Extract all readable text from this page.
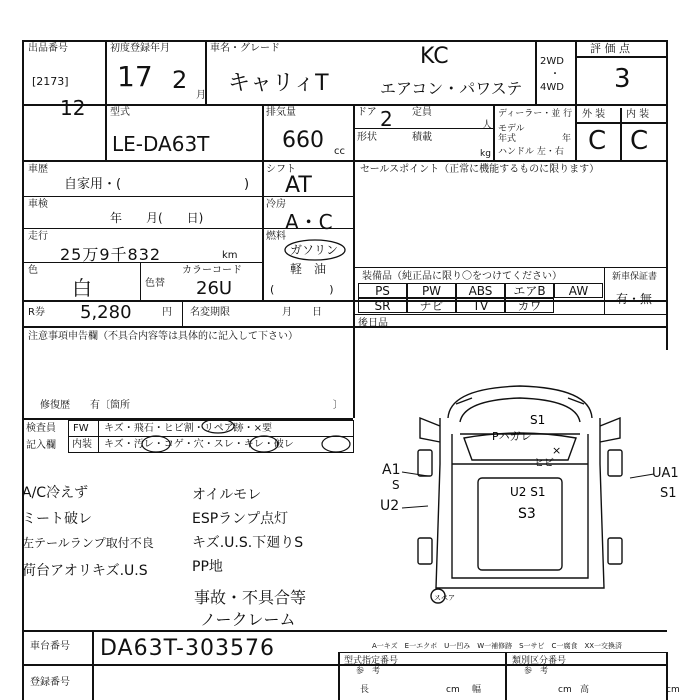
出品番号
[2173]
12
初度登録年月
17 2
月
車名・グレード
キャリィT
KC
エアコン・パワステ
2WD
・
4WD
評 価 点
3
型式
LE-DA63T
排気量
660 cc
ドア 2 定員
人
形状	積載
kg
ディーラー・並 行
モデル
年式	年
ハンドル 左・右
外 装 内 装
C C
車歴
自家用・(	)
シフト
AT
セールスポイント（正常に機能するものに限ります）
車検
年　　月(　　日)
冷房
A・C
走行
25万9千832	km
燃料
ガソリン
軽　油
(　　　　　)
色
白	色替
カラーコード
26U
装備品（純正品に限り〇をつけてください）	新車保証書
有・無
PS	PW	ABS	エアB	AW
SR	ナビ	TV	カワ
R券 5,280	円 名変期限	月　　日
後日品
注意事項申告欄（不具合内容等は具体的に記入して下さい）
修復歴　　有〔箇所	〕
検査員
記入欄
FW キズ・飛石・ヒビ割・リペア跡・×要
内装 キズ・汚レ・コゲ・穴・スレ・キレ・破レ
A/C冷えず
ミート破レ
左テールランプ取付不良
荷台アオリキズ.U.S
オイルモレ
ESPランプ点灯
キズ.U.S.下廻りS
PP地
事故・不具合等
ノークレーム
S1
Pハガレ
×
ヒビ
U2 S1
S3
スペア
A1
S
U2
UA1
S1
車台番号 DA63T-303576	A一キズ　E一エクボ　U一凹み　W一補修跡　S一サビ　C一腐食　XX一交換済
型式指定番号	類別区分番号
参　考	参　考
登録番号
長	cm 幅	cm 高	cm
